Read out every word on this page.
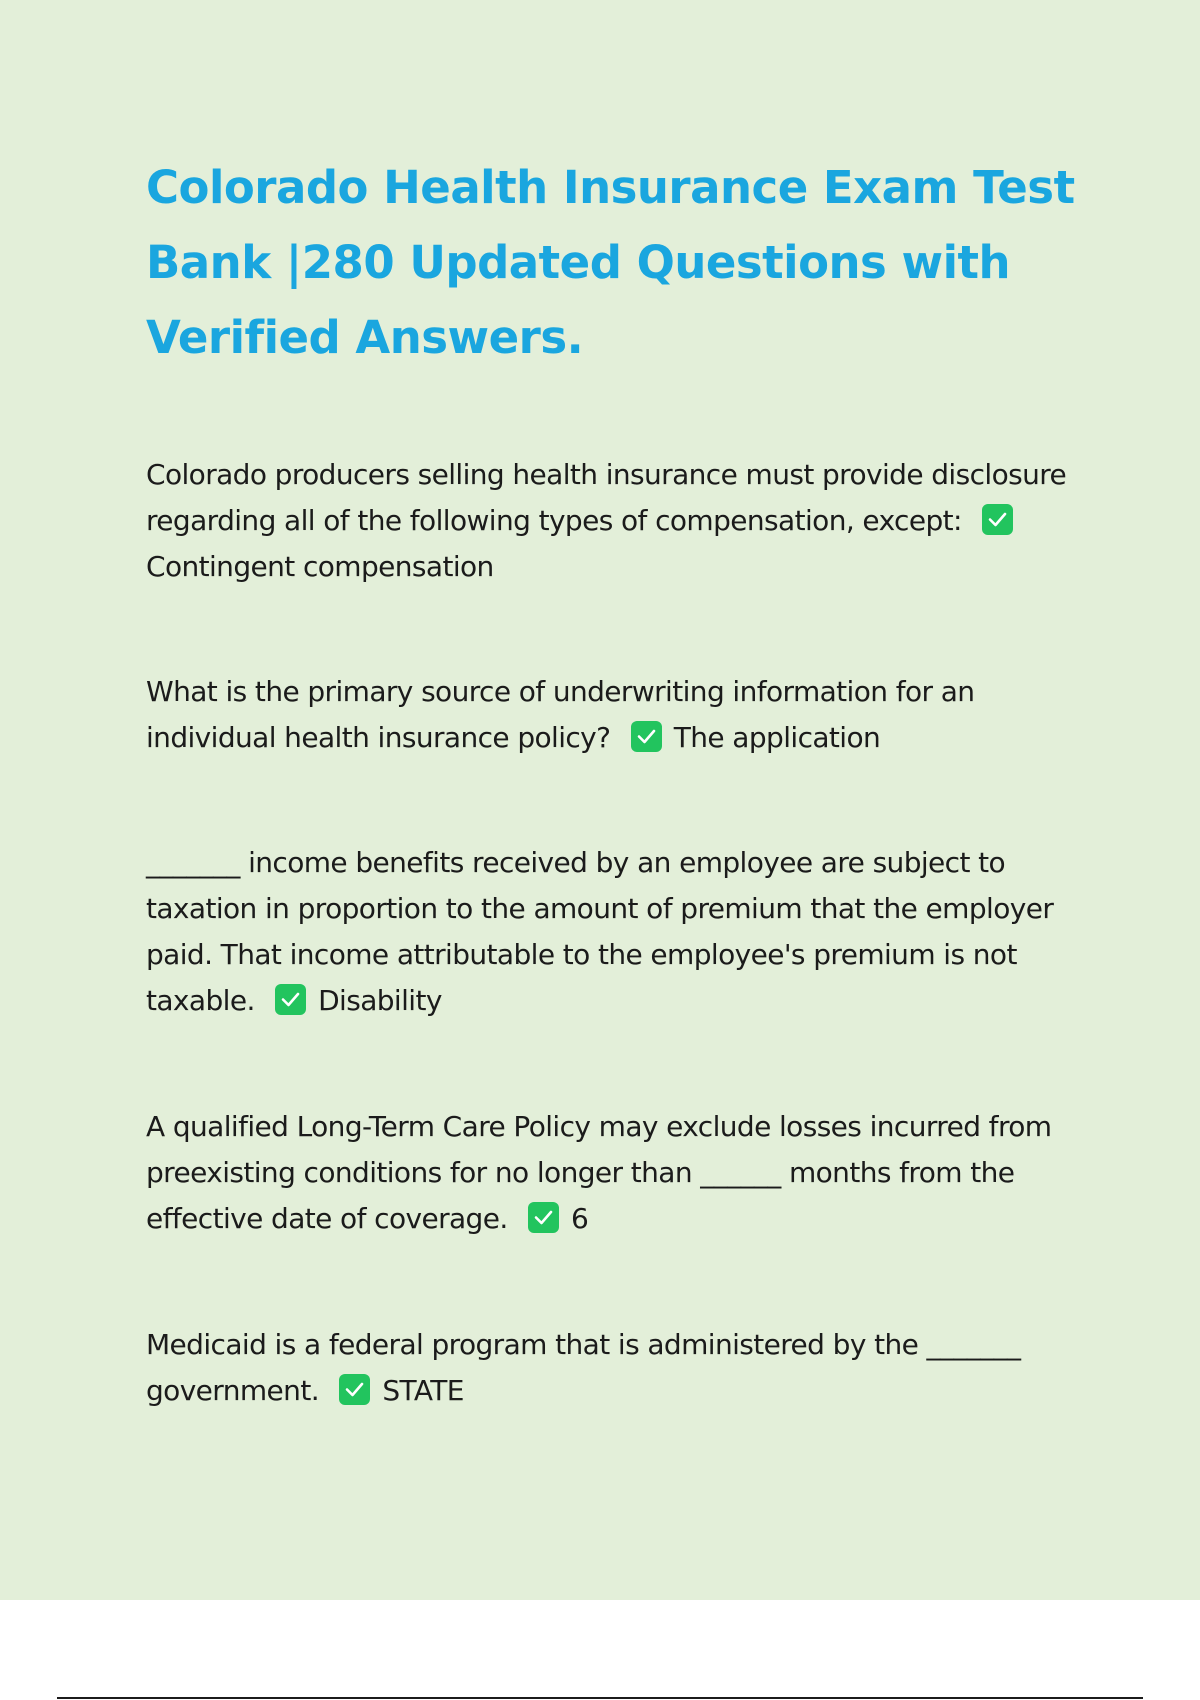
Colorado Health Insurance Exam Test Bank |280 Updated Questions with Verified Answers.

Colorado producers selling health insurance must provide disclosure regarding all of the following types of compensation, except:
Contingent compensation

What is the primary source of underwriting information for an individual health insurance policy? The application

_______ income benefits received by an employee are subject to taxation in proportion to the amount of premium that the employer paid. That income attributable to the employee's premium is not taxable. Disability

A qualified Long-Term Care Policy may exclude losses incurred from preexisting conditions for no longer than ______ months from the effective date of coverage. 6

Medicaid is a federal program that is administered by the _______ government. STATE
